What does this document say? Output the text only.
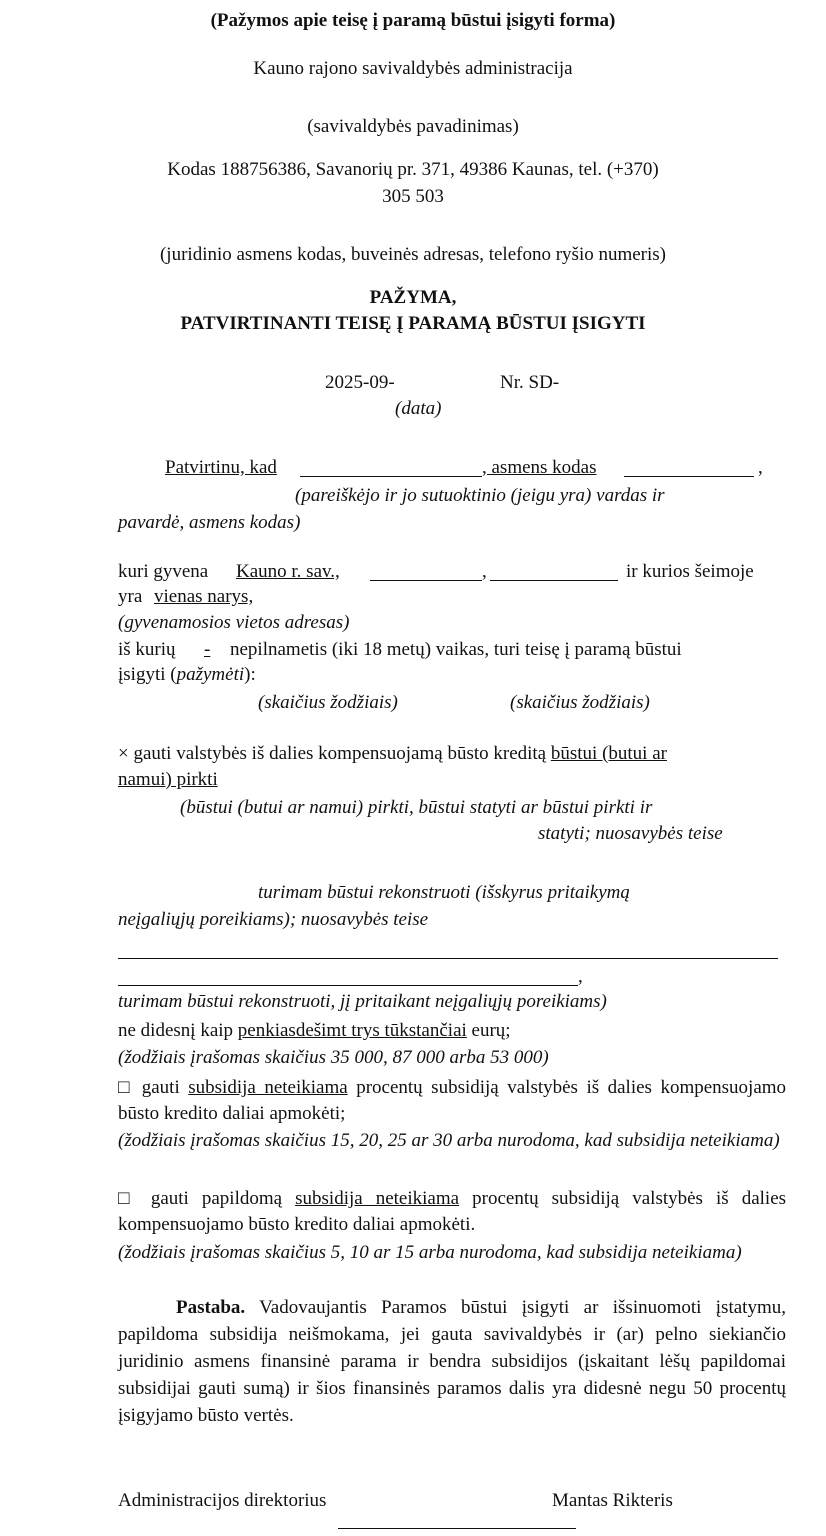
(Pažymos apie teisę į paramą būstui įsigyti forma)
Kauno rajono savivaldybės administracija
(savivaldybės pavadinimas)
Kodas 188756386, Savanorių pr. 371, 49386 Kaunas, tel. (+370)
305 503
(juridinio asmens kodas, buveinės adresas, telefono ryšio numeris)
PAŽYMA,
PATVIRTINANTI TEISĘ Į PARAMĄ BŪSTUI ĮSIGYTI
2025-09-	Nr. SD-
(data)
Patvirtinu, kad	, asmens kodas	,
(pareiškėjo ir jo sutuoktinio (jeigu yra) vardas ir
pavardė, asmens kodas)
kuri gyvena Kauno r. sav.,	,	ir kurios šeimoje
yra vienas narys,
(gyvenamosios vietos adresas)
iš kurių	-	nepilnametis (iki 18 metų) vaikas, turi teisę į paramą būstui
įsigyti (pažymėti):
(skaičius žodžiais)	(skaičius žodžiais)
× gauti valstybės iš dalies kompensuojamą būsto kreditą būstui (butui ar
namui) pirkti
(būstui (butui ar namui) pirkti, būstui statyti ar būstui pirkti ir
statyti; nuosavybės teise
turimam būstui rekonstruoti (išskyrus pritaikymą
neįgaliųjų poreikiams); nuosavybės teise
,
turimam būstui rekonstruoti, jį pritaikant neįgaliųjų poreikiams)
ne didesnį kaip penkiasdešimt trys tūkstančiai eurų;
(žodžiais įrašomas skaičius 35 000, 87 000 arba 53 000)
□ gauti subsidija neteikiama procentų subsidiją valstybės iš dalies kompensuojamo būsto kredito daliai apmokėti;
(žodžiais įrašomas skaičius 15, 20, 25 ar 30 arba nurodoma, kad subsidija neteikiama)
□ gauti papildomą subsidija neteikiama procentų subsidiją valstybės iš dalies kompensuojamo būsto kredito daliai apmokėti.
(žodžiais įrašomas skaičius 5, 10 ar 15 arba nurodoma, kad subsidija neteikiama)
Pastaba. Vadovaujantis Paramos būstui įsigyti ar išsinuomoti įstatymu, papildoma subsidija neišmokama, jei gauta savivaldybės ir (ar) pelno siekiančio juridinio asmens finansinė parama ir bendra subsidijos (įskaitant lėšų papildomai subsidijai gauti sumą) ir šios finansinės paramos dalis yra didesnė negu 50 procentų įsigyjamo būsto vertės.
Administracijos direktorius	Mantas Rikteris
